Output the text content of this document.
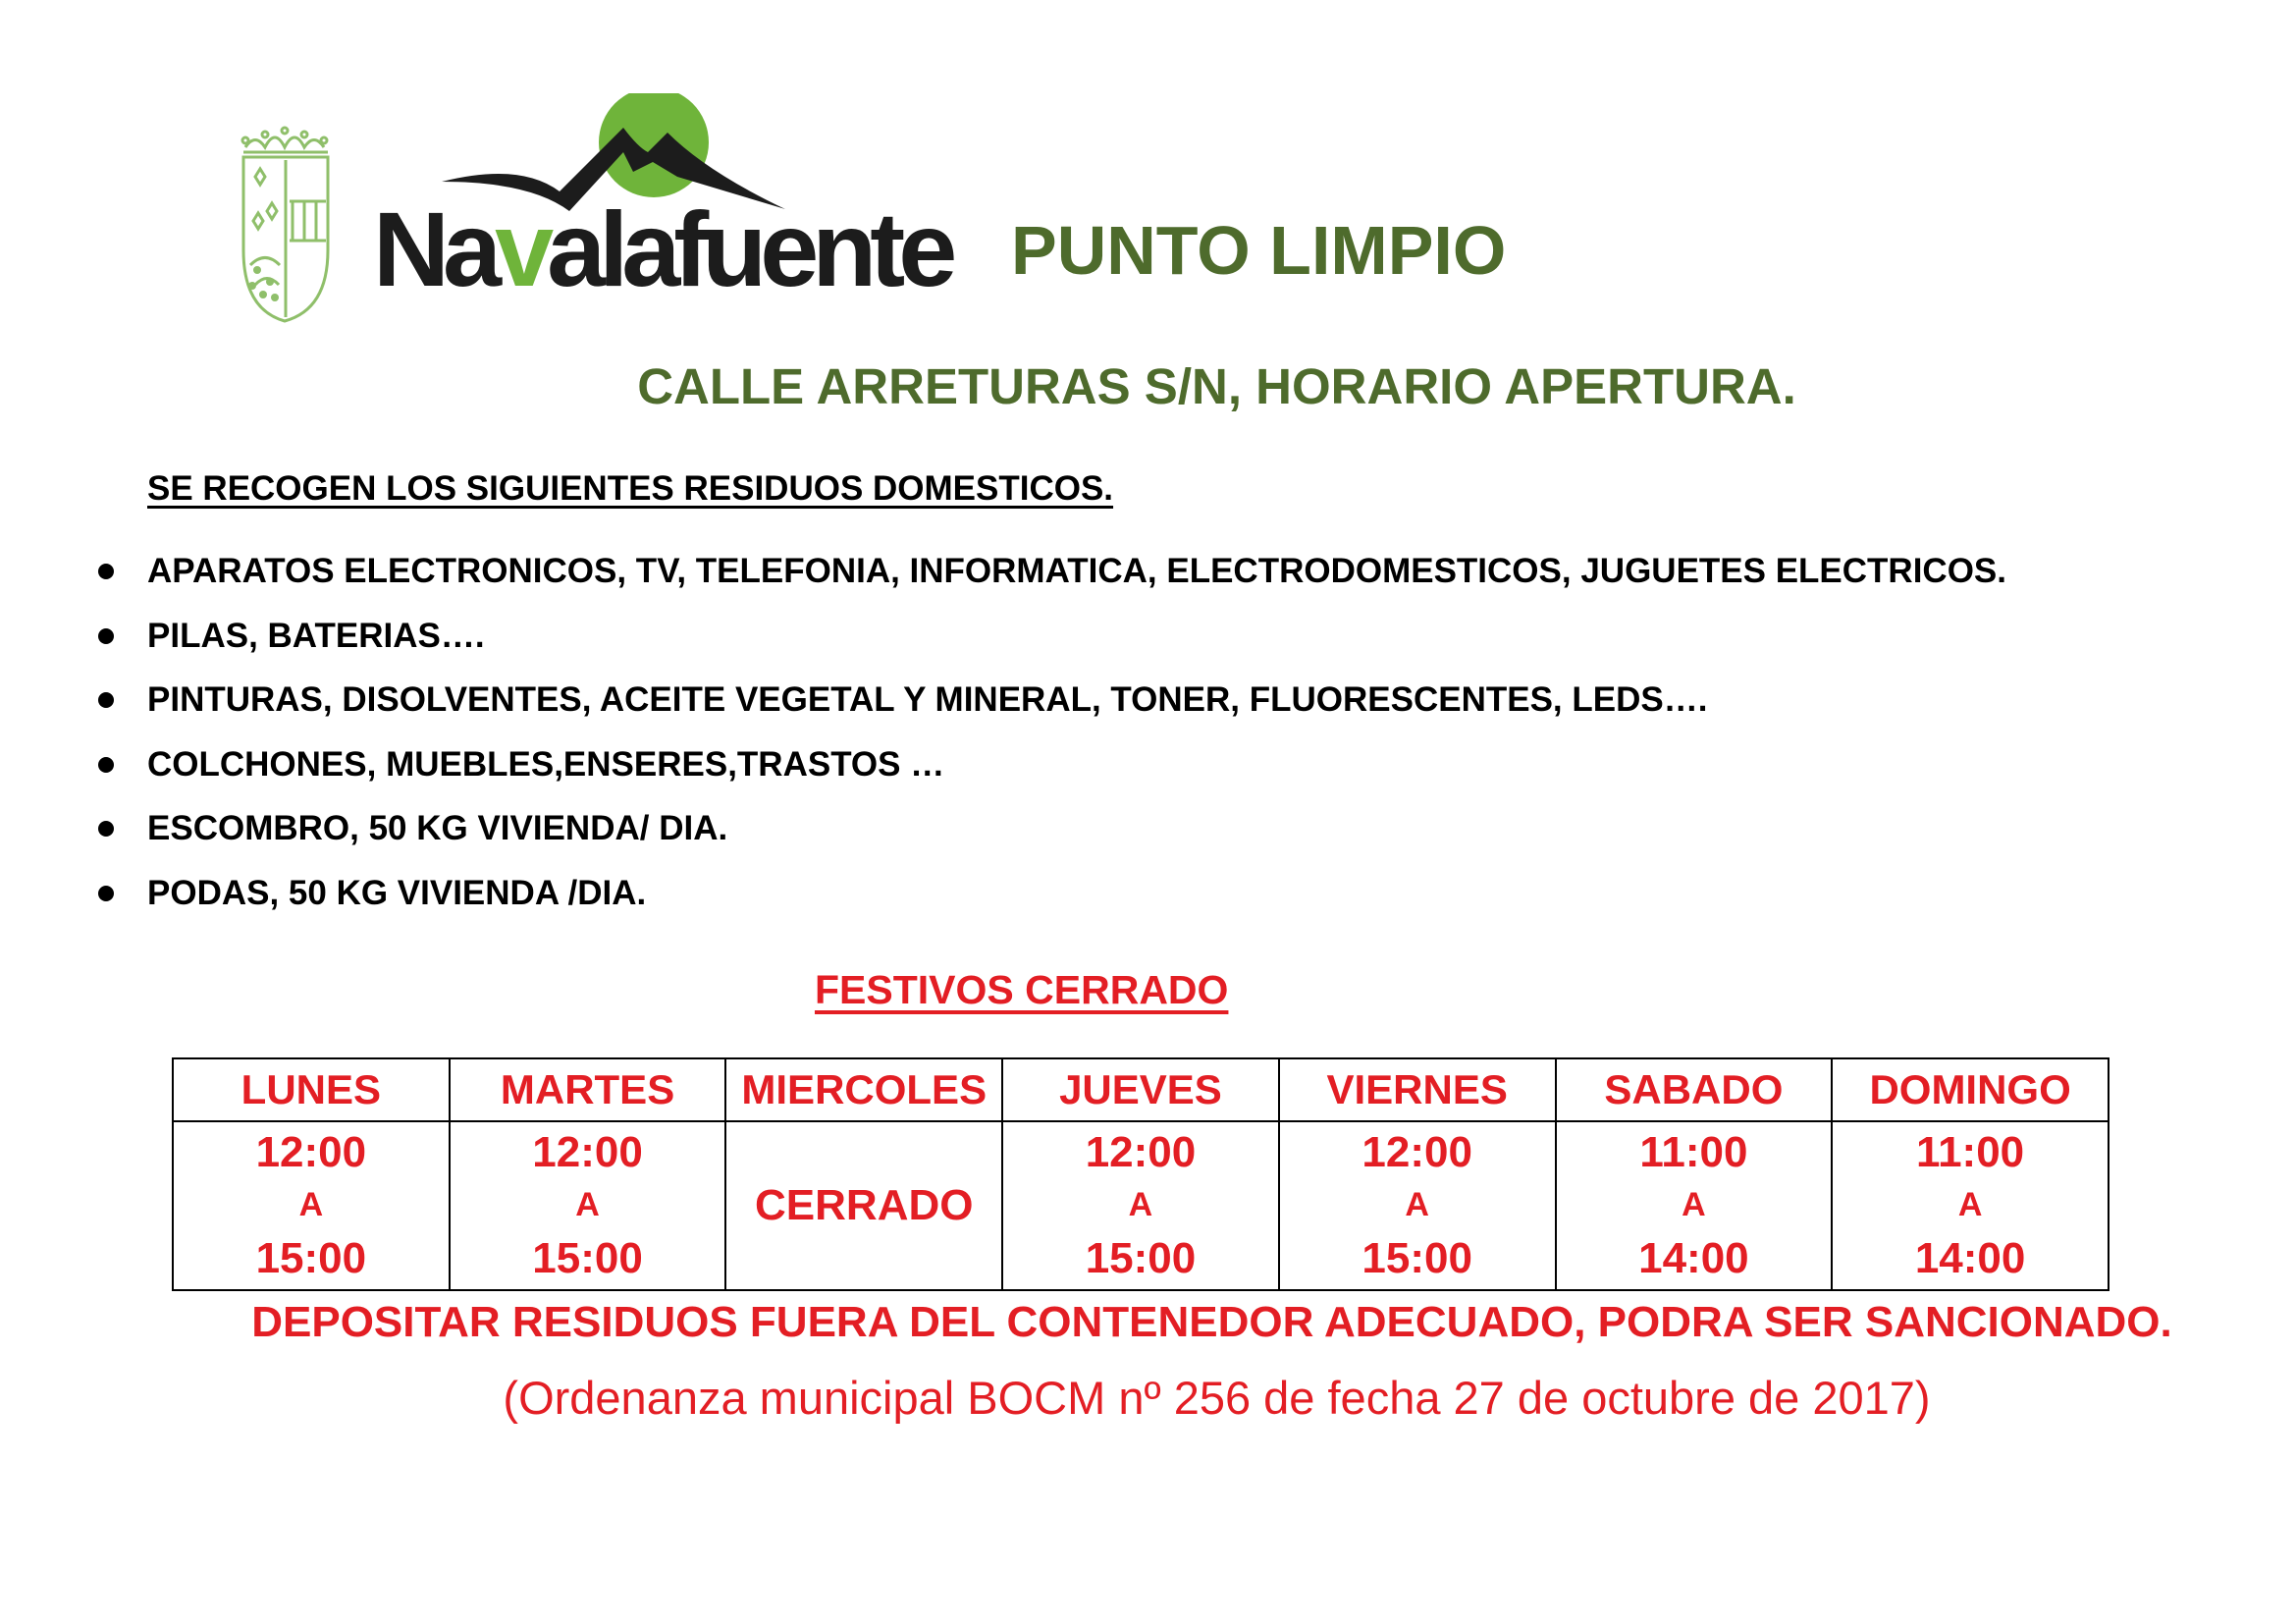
Navalafuente PUNTO LIMPIO
CALLE ARRETURAS S/N, HORARIO APERTURA.
SE RECOGEN LOS SIGUIENTES RESIDUOS DOMESTICOS.
APARATOS ELECTRONICOS, TV, TELEFONIA, INFORMATICA, ELECTRODOMESTICOS, JUGUETES ELECTRICOS.
PILAS, BATERIAS….
PINTURAS, DISOLVENTES, ACEITE VEGETAL Y MINERAL, TONER, FLUORESCENTES, LEDS….
COLCHONES, MUEBLES,ENSERES,TRASTOS …
ESCOMBRO, 50 KG VIVIENDA/ DIA.
PODAS, 50 KG VIVIENDA /DIA.
FESTIVOS CERRADO
LUNES	MARTES	MIERCOLES	JUEVES	VIERNES	SABADO	DOMINGO

12:00
A
15:00	12:00
A
15:00	CERRADO	12:00
A
15:00	12:00
A
15:00	11:00
A
14:00	11:00
A
14:00
DEPOSITAR RESIDUOS FUERA DEL CONTENEDOR ADECUADO, PODRA SER SANCIONADO.
(Ordenanza municipal BOCM nº 256 de fecha 27 de octubre de 2017)
